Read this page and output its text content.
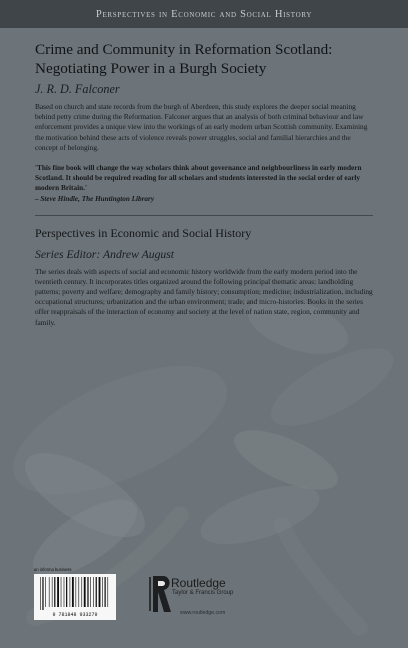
Perspectives in Economic and Social History
Crime and Community in Reformation Scotland:
Negotiating Power in a Burgh Society
J. R. D. Falconer

Based on church and state records from the burgh of Aberdeen, this study explores the deeper social meaning behind petty crime during the Reformation. Falconer argues that an analysis of both criminal behaviour and law enforcement provides a unique view into the workings of an early modern urban Scottish community. Examining the motivation behind these acts of violence reveals power struggles, social and familial hierarchies and the concept of belonging.

'This fine book will change the way scholars think about governance and neighbourliness in early modern Scotland. It should be required reading for all scholars and students interested in the social order of early modern Britain.'

– Steve Hindle, The Huntington Library
Perspectives in Economic and Social History
Series Editor: Andrew August

The series deals with aspects of social and economic history worldwide from the early modern period into the twentieth century. It incorporates titles organized around the following principal thematic areas: landholding patterns; poverty and welfare; demography and family history; consumption; medicine; industrialization, including occupational structures; urbanization and the urban environment; trade; and micro-histories. Books in the series offer reappraisals of the interaction of economy and society at the level of nation state, region, community and family.

an informa business
9 781848 933279
Routledge
Taylor & Francis Group
www.routledge.com
